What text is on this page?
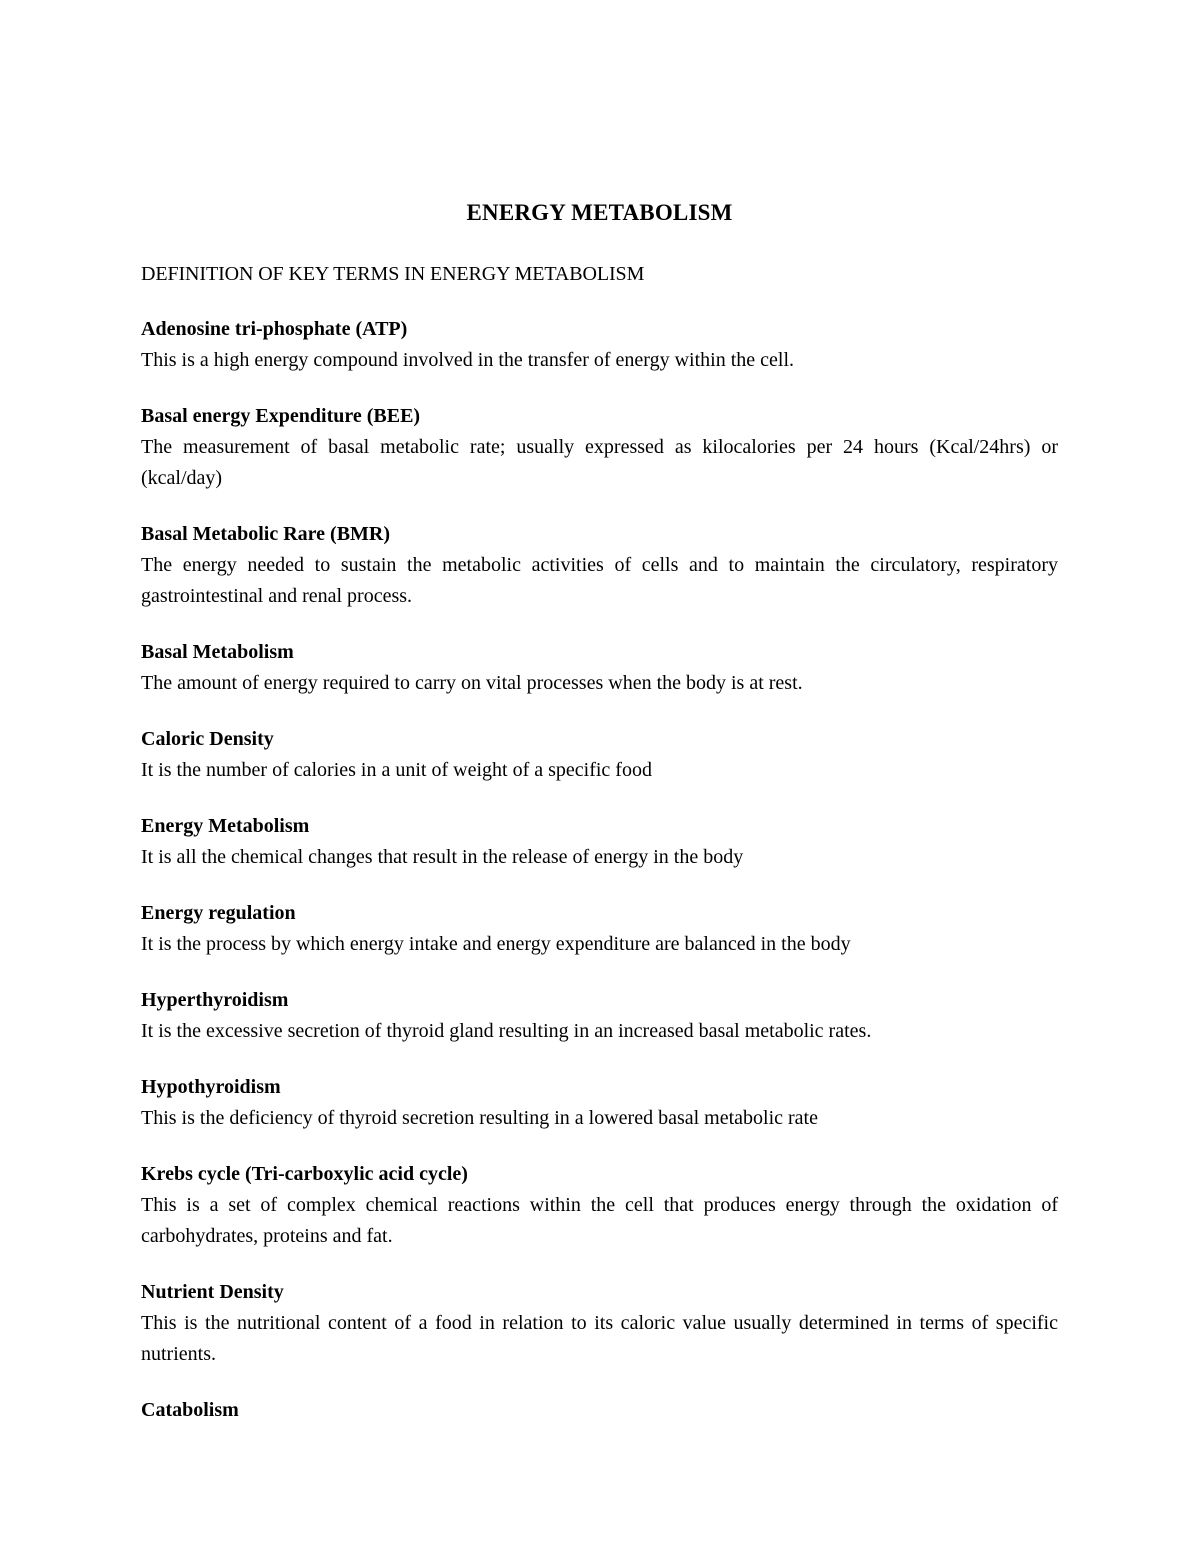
ENERGY METABOLISM
DEFINITION OF KEY TERMS IN ENERGY METABOLISM
Adenosine tri-phosphate (ATP)
This is a high energy compound involved in the transfer of energy within the cell.
Basal energy Expenditure (BEE)
The measurement of basal metabolic rate; usually expressed as kilocalories per 24 hours (Kcal/24hrs) or (kcal/day)
Basal Metabolic Rare (BMR)
The energy needed to sustain the metabolic activities of cells and to maintain the circulatory, respiratory gastrointestinal and renal process.
Basal Metabolism
The amount of energy required to carry on vital processes when the body is at rest.
Caloric Density
It is the number of calories in a unit of weight of a specific food
Energy Metabolism
It is all the chemical changes that result in the release of energy in the body
Energy regulation
It is the process by which energy intake and energy expenditure are balanced in the body
Hyperthyroidism
It is the excessive secretion of thyroid gland resulting in an increased basal metabolic rates.
Hypothyroidism
This is the deficiency of thyroid secretion resulting in a lowered basal metabolic rate
Krebs cycle (Tri-carboxylic acid cycle)
This is a set of complex chemical reactions within the cell that produces energy through the oxidation of carbohydrates, proteins and fat.
Nutrient Density
This is the nutritional content of a food in relation to its caloric value usually determined in terms of specific nutrients.
Catabolism
